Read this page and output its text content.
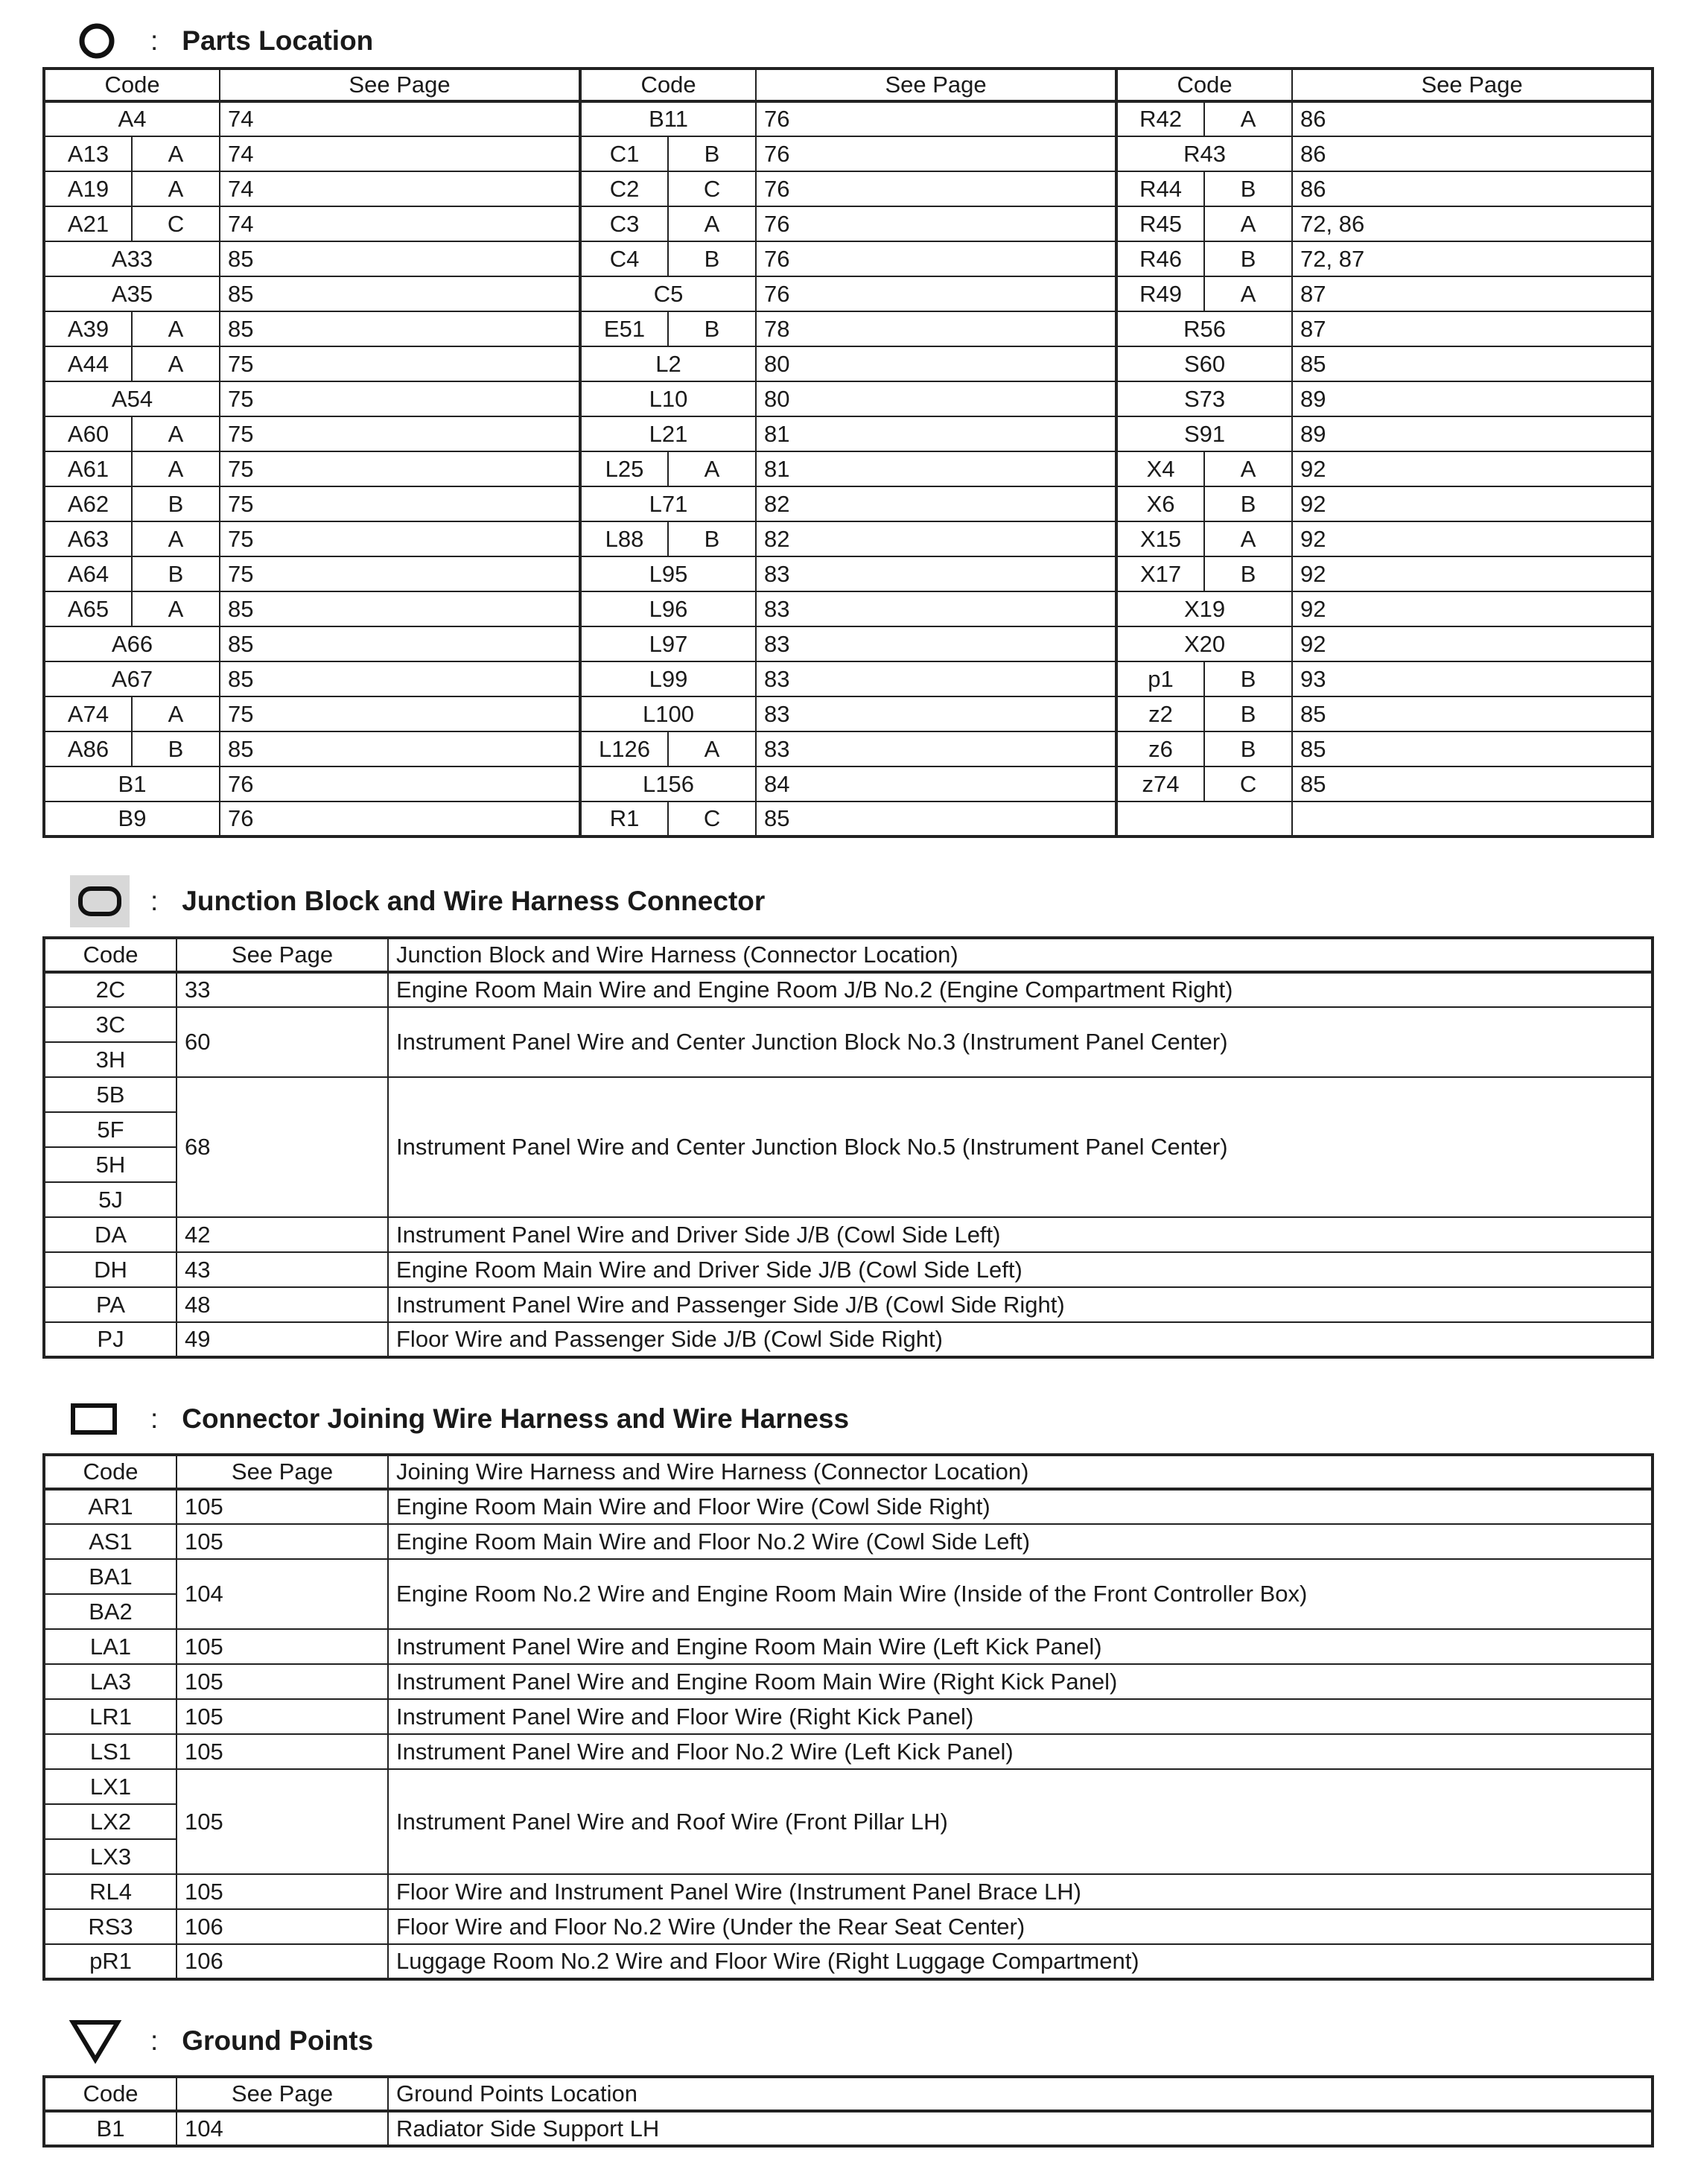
: Parts Location
Code		See Page	Code		See Page	Code		See Page
A4		74	B11		76	R42	A	86
A13	A	74	C1	B	76	R43		86
A19	A	74	C2	C	76	R44	B	86
A21	C	74	C3	A	76	R45	A	72, 86
A33		85	C4	B	76	R46	B	72, 87
A35		85	C5		76	R49	A	87
A39	A	85	E51	B	78	R56		87
A44	A	75	L2		80	S60		85
A54		75	L10		80	S73		89
A60	A	75	L21		81	S91		89
A61	A	75	L25	A	81	X4	A	92
A62	B	75	L71		82	X6	B	92
A63	A	75	L88	B	82	X15	A	92
A64	B	75	L95		83	X17	B	92
A65	A	85	L96		83	X19		92
A66		85	L97		83	X20		92
A67		85	L99		83	p1	B	93
A74	A	75	L100		83	z2	B	85
A86	B	85	L126	A	83	z6	B	85
B1		76	L156		84	z74	C	85
B9		76	R1	C	85			
: Junction Block and Wire Harness Connector
Code	See Page	Junction Block and Wire Harness (Connector Location)
2C	33	Engine Room Main Wire and Engine Room J/B No.2 (Engine Compartment Right)
3C	60	Instrument Panel Wire and Center Junction Block No.3 (Instrument Panel Center)
3H		
5B	68	Instrument Panel Wire and Center Junction Block No.5 (Instrument Panel Center)
5F		
5H		
5J		
DA	42	Instrument Panel Wire and Driver Side J/B (Cowl Side Left)
DH	43	Engine Room Main Wire and Driver Side J/B (Cowl Side Left)
PA	48	Instrument Panel Wire and Passenger Side J/B (Cowl Side Right)
PJ	49	Floor Wire and Passenger Side J/B (Cowl Side Right)
: Connector Joining Wire Harness and Wire Harness
Code	See Page	Joining Wire Harness and Wire Harness (Connector Location)
AR1	105	Engine Room Main Wire and Floor Wire (Cowl Side Right)
AS1	105	Engine Room Main Wire and Floor No.2 Wire (Cowl Side Left)
BA1	104	Engine Room No.2 Wire and Engine Room Main Wire (Inside of the Front Controller Box)
BA2		
LA1	105	Instrument Panel Wire and Engine Room Main Wire (Left Kick Panel)
LA3	105	Instrument Panel Wire and Engine Room Main Wire (Right Kick Panel)
LR1	105	Instrument Panel Wire and Floor Wire (Right Kick Panel)
LS1	105	Instrument Panel Wire and Floor No.2 Wire (Left Kick Panel)
LX1	105	Instrument Panel Wire and Roof Wire (Front Pillar LH)
LX2		
LX3		
RL4	105	Floor Wire and Instrument Panel Wire (Instrument Panel Brace LH)
RS3	106	Floor Wire and Floor No.2 Wire (Under the Rear Seat Center)
pR1	106	Luggage Room No.2 Wire and Floor Wire (Right Luggage Compartment)
: Ground Points
Code	See Page	Ground Points Location
B1	104	Radiator Side Support LH
